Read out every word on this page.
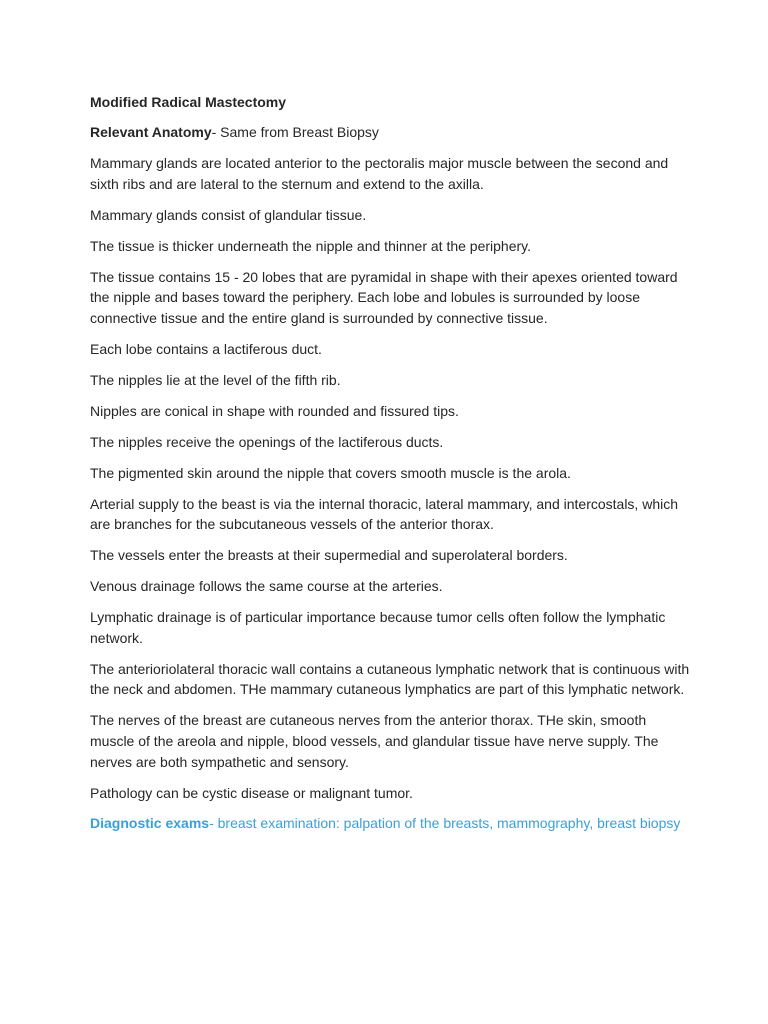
Modified Radical Mastectomy

Relevant Anatomy- Same from Breast Biopsy

Mammary glands are located anterior to the pectoralis major muscle between the second and sixth ribs and are lateral to the sternum and extend to the axilla.

Mammary glands consist of glandular tissue.

The tissue is thicker underneath the nipple and thinner at the periphery.

The tissue contains 15 - 20 lobes that are pyramidal in shape with their apexes oriented toward the nipple and bases toward the periphery. Each lobe and lobules is surrounded by loose connective tissue and the entire gland is surrounded by connective tissue.

Each lobe contains a lactiferous duct.

The nipples lie at the level of the fifth rib.

Nipples are conical in shape with rounded and fissured tips.

The nipples receive the openings of the lactiferous ducts.

The pigmented skin around the nipple that covers smooth muscle is the arola.

Arterial supply to the beast is via the internal thoracic, lateral mammary, and intercostals, which are branches for the subcutaneous vessels of the anterior thorax.

The vessels enter the breasts at their supermedial and superolateral borders.

Venous drainage follows the same course at the arteries.

Lymphatic drainage is of particular importance because tumor cells often follow the lymphatic network.

The anterioriolateral thoracic wall contains a cutaneous lymphatic network that is continuous with the neck and abdomen. THe mammary cutaneous lymphatics are part of this lymphatic network.

The nerves of the breast are cutaneous nerves from the anterior thorax. THe skin, smooth muscle of the areola and nipple, blood vessels, and glandular tissue have nerve supply. The nerves are both sympathetic and sensory.

Pathology can be cystic disease or malignant tumor.

Diagnostic exams- breast examination: palpation of the breasts, mammography, breast biopsy
